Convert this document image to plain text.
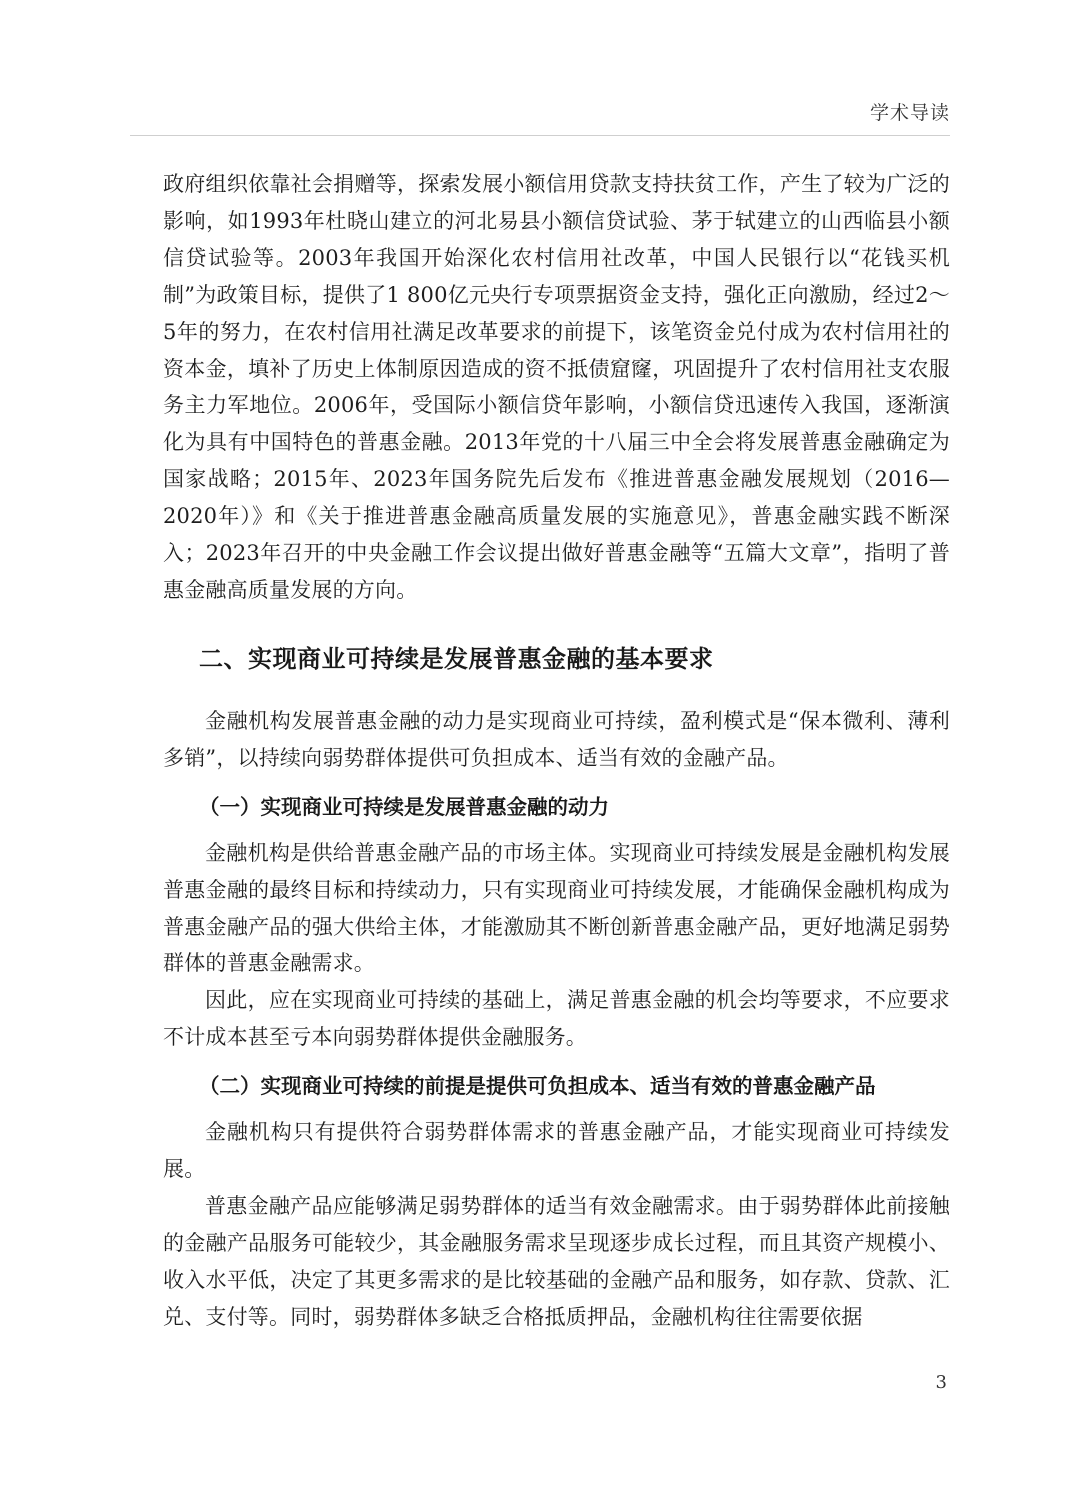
学术导读

政府组织依靠社会捐赠等，探索发展小额信用贷款支持扶贫工作，产生了较为广泛的影响，如1993年杜晓山建立的河北易县小额信贷试验、茅于轼建立的山西临县小额信贷试验等。2003年我国开始深化农村信用社改革，中国人民银行以“花钱买机制”为政策目标，提供了1 800亿元央行专项票据资金支持，强化正向激励，经过2～5年的努力，在农村信用社满足改革要求的前提下，该笔资金兑付成为农村信用社的资本金，填补了历史上体制原因造成的资不抵债窟窿，巩固提升了农村信用社支农服务主力军地位。2006年，受国际小额信贷年影响，小额信贷迅速传入我国，逐渐演化为具有中国特色的普惠金融。2013年党的十八届三中全会将发展普惠金融确定为国家战略；2015年、2023年国务院先后发布《推进普惠金融发展规划（2016—2020年）》和《关于推进普惠金融高质量发展的实施意见》，普惠金融实践不断深入；2023年召开的中央金融工作会议提出做好普惠金融等“五篇大文章”，指明了普惠金融高质量发展的方向。

二、实现商业可持续是发展普惠金融的基本要求

金融机构发展普惠金融的动力是实现商业可持续，盈利模式是“保本微利、薄利多销”，以持续向弱势群体提供可负担成本、适当有效的金融产品。

（一）实现商业可持续是发展普惠金融的动力

金融机构是供给普惠金融产品的市场主体。实现商业可持续发展是金融机构发展普惠金融的最终目标和持续动力，只有实现商业可持续发展，才能确保金融机构成为普惠金融产品的强大供给主体，才能激励其不断创新普惠金融产品，更好地满足弱势群体的普惠金融需求。

因此，应在实现商业可持续的基础上，满足普惠金融的机会均等要求，不应要求不计成本甚至亏本向弱势群体提供金融服务。

（二）实现商业可持续的前提是提供可负担成本、适当有效的普惠金融产品

金融机构只有提供符合弱势群体需求的普惠金融产品，才能实现商业可持续发展。

普惠金融产品应能够满足弱势群体的适当有效金融需求。由于弱势群体此前接触的金融产品服务可能较少，其金融服务需求呈现逐步成长过程，而且其资产规模小、收入水平低，决定了其更多需求的是比较基础的金融产品和服务，如存款、贷款、汇兑、支付等。同时，弱势群体多缺乏合格抵质押品，金融机构往往需要依据

3
